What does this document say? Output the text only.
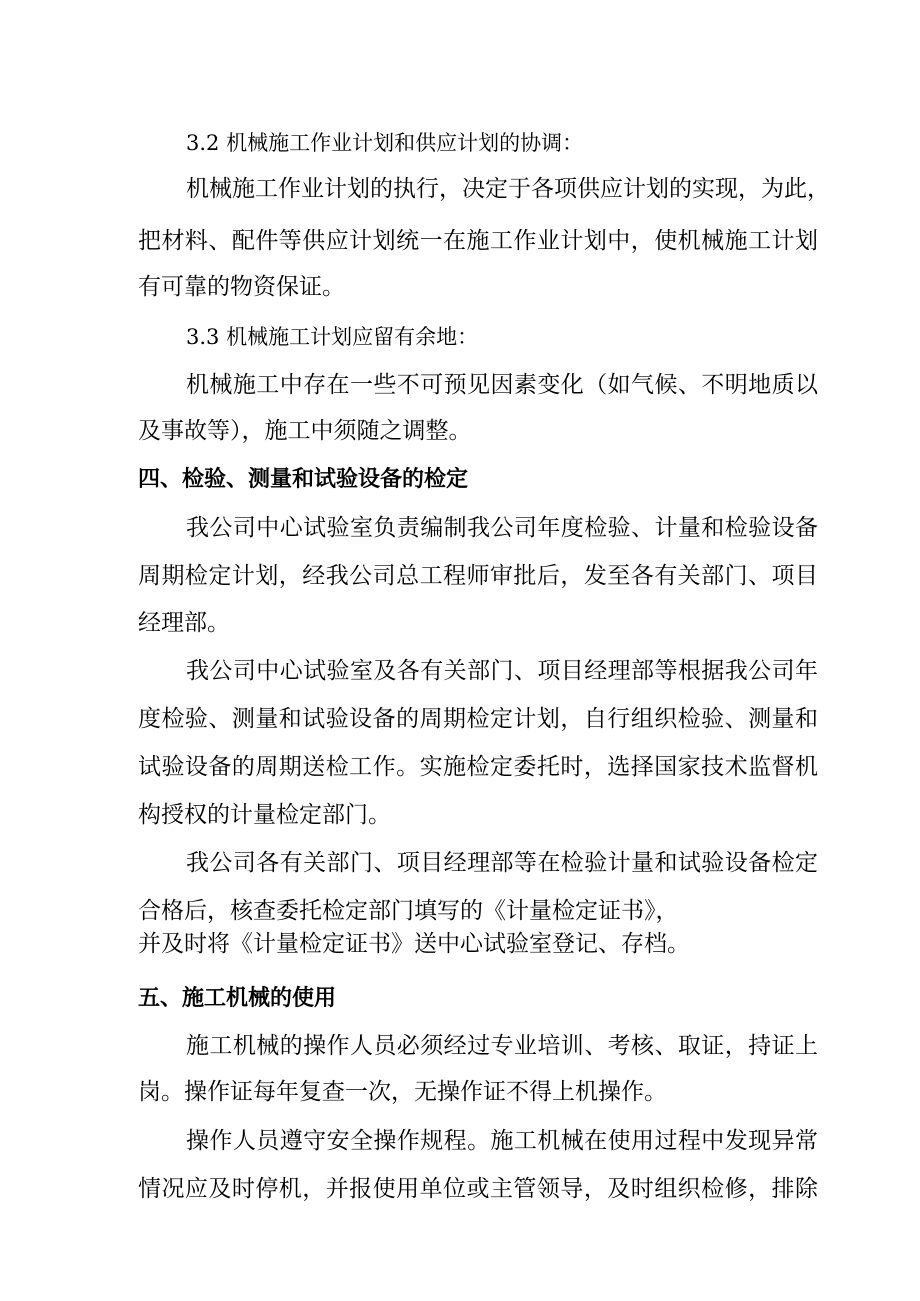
3.2 机械施工作业计划和供应计划的协调：
机械施工作业计划的执行，决定于各项供应计划的实现，为此，
把材料、配件等供应计划统一在施工作业计划中，使机械施工计划
有可靠的物资保证。
3.3 机械施工计划应留有余地：
机械施工中存在一些不可预见因素变化（如气候、不明地质以
及事故等），施工中须随之调整。
四、检验、测量和试验设备的检定
我公司中心试验室负责编制我公司年度检验、计量和检验设备
周期检定计划，经我公司总工程师审批后，发至各有关部门、项目
经理部。
我公司中心试验室及各有关部门、项目经理部等根据我公司年
度检验、测量和试验设备的周期检定计划，自行组织检验、测量和
试验设备的周期送检工作。实施检定委托时，选择国家技术监督机
构授权的计量检定部门。
我公司各有关部门、项目经理部等在检验计量和试验设备检定
合格后，核查委托检定部门填写的《计量检定证书》，
并及时将《计量检定证书》送中心试验室登记、存档。
五、施工机械的使用
施工机械的操作人员必须经过专业培训、考核、取证，持证上
岗。操作证每年复查一次，无操作证不得上机操作。
操作人员遵守安全操作规程。施工机械在使用过程中发现异常
情况应及时停机，并报使用单位或主管领导，及时组织检修，排除
